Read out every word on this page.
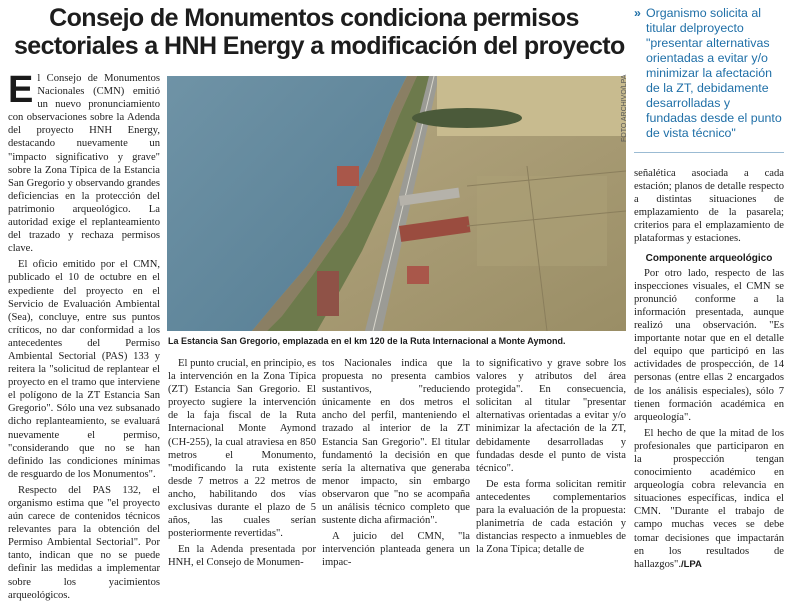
Consejo de Monumentos condiciona permisos
sectoriales a HNH Energy a modificación del proyecto
» Organismo solicita al titular delproyecto "presentar alternativas orientadas a evitar y/o minimizar la afectación de la ZT, debidamente desarrolladas y fundadas desde el punto de vista técnico"
FOTO ARCHIVO/LPA
La Estancia San Gregorio, emplazada en el km 120 de la Ruta Internacional a Monte Aymond.

El Consejo de Monumentos Nacionales (CMN) emitió un nuevo pronunciamiento con observaciones sobre la Adenda del proyecto HNH Energy, destacando nuevamente un "impacto significativo y grave" sobre la Zona Típica de la Estancia San Gregorio y observando grandes deficiencias en la protección del patrimonio arqueológico. La autoridad exige el replanteamiento del trazado y rechaza permisos clave.

El oficio emitido por el CMN, publicado el 10 de octubre en el expediente del proyecto en el Servicio de Evaluación Ambiental (Sea), concluye, entre sus puntos críticos, no dar conformidad a los antecedentes del Permiso Ambiental Sectorial (PAS) 133 y reitera la "solicitud de replantear el proyecto en el tramo que interviene el polígono de la ZT Estancia San Gregorio". Sólo una vez subsanado dicho replanteamiento, se evaluará nuevamente el permiso, "considerando que no se han definido las condiciones mínimas de resguardo de los Monumentos".

Respecto del PAS 132, el organismo estima que "el proyecto aún carece de contenidos técnicos relevantes para la obtención del Permiso Ambiental Sectorial". Por tanto, indican que no se puede definir las medidas a implementar sobre los yacimientos arqueológicos.

El punto crucial, en principio, es la intervención en la Zona Típica (ZT) Estancia San Gregorio. El proyecto sugiere la intervención de la faja fiscal de la Ruta Internacional Monte Aymond (CH-255), la cual atraviesa en 850 metros el Monumento, "modificando la ruta existente desde 7 metros a 22 metros de ancho, habilitando dos vías exclusivas durante el plazo de 5 años, las cuales serían posteriormente revertidas".

En la Adenda presentada por HNH, el Consejo de Monumen-

tos Nacionales indica que la propuesta no presenta cambios sustantivos, "reduciendo únicamente en dos metros el ancho del perfil, manteniendo el trazado al interior de la ZT Estancia San Gregorio". El titular fundamentó la decisión en que sería la alternativa que generaba menor impacto, sin embargo observaron que "no se acompaña un análisis técnico completo que sustente dicha afirmación".

A juicio del CMN, "la intervención planteada genera un impac-

to significativo y grave sobre los valores y atributos del área protegida". En consecuencia, solicitan al titular "presentar alternativas orientadas a evitar y/o minimizar la afectación de la ZT, debidamente desarrolladas y fundadas desde el punto de vista técnico".

De esta forma solicitan remitir antecedentes complementarios para la evaluación de la propuesta: planimetría de cada estación y distancias respecto a inmuebles de la Zona Típica; detalle de

señalética asociada a cada estación; planos de detalle respecto a distintas situaciones de emplazamiento de la pasarela; criterios para el emplazamiento de plataformas y estaciones.

Componente arqueológico

Por otro lado, respecto de las inspecciones visuales, el CMN se pronunció conforme a la información presentada, aunque realizó una observación. "Es importante notar que en el detalle del equipo que participó en las actividades de prospección, de 14 personas (entre ellas 2 encargados de los análisis especiales), sólo 7 tienen formación académica en arqueología".

El hecho de que la mitad de los profesionales que participaron en la prospección tengan conocimiento académico en arqueología cobra relevancia en situaciones específicas, indica el CMN. "Durante el trabajo de campo muchas veces se debe tomar decisiones que impactarán en los resultados de hallazgos"./LPA
